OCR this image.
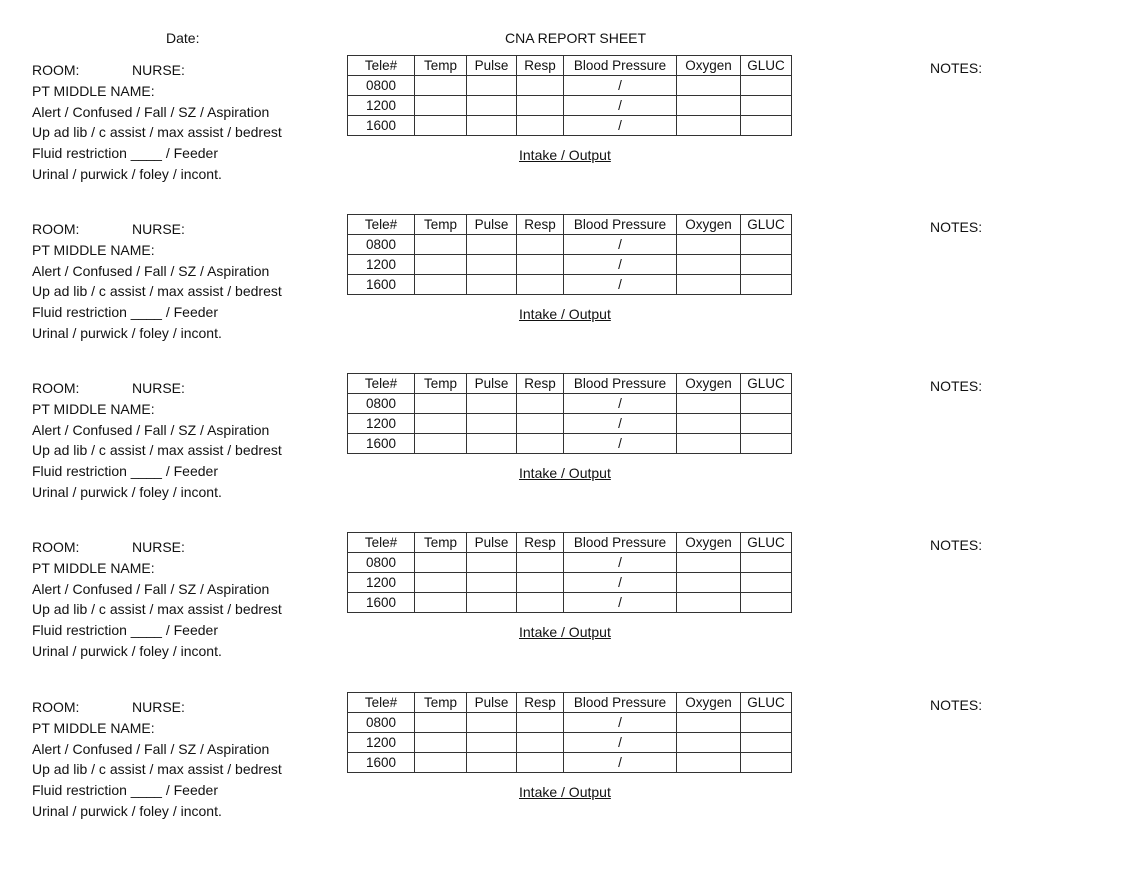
Date:	CNA REPORT SHEET
ROOM:	NURSE:
PT MIDDLE NAME:
Alert / Confused / Fall / SZ / Aspiration
Up ad lib / c assist / max assist / bedrest
Fluid restriction ____ / Feeder
Urinal / purwick / foley / incont.
Tele#	Temp	Pulse	Resp	Blood Pressure	Oxygen	GLUC
0800				/		
1200				/		
1600				/		
Intake / Output
NOTES:
ROOM:	NURSE:
PT MIDDLE NAME:
Alert / Confused / Fall / SZ / Aspiration
Up ad lib / c assist / max assist / bedrest
Fluid restriction ____ / Feeder
Urinal / purwick / foley / incont.
Tele#	Temp	Pulse	Resp	Blood Pressure	Oxygen	GLUC
0800				/		
1200				/		
1600				/		
Intake / Output
NOTES:
ROOM:	NURSE:
PT MIDDLE NAME:
Alert / Confused / Fall / SZ / Aspiration
Up ad lib / c assist / max assist / bedrest
Fluid restriction ____ / Feeder
Urinal / purwick / foley / incont.
Tele#	Temp	Pulse	Resp	Blood Pressure	Oxygen	GLUC
0800				/		
1200				/		
1600				/		
Intake / Output
NOTES:
ROOM:	NURSE:
PT MIDDLE NAME:
Alert / Confused / Fall / SZ / Aspiration
Up ad lib / c assist / max assist / bedrest
Fluid restriction ____ / Feeder
Urinal / purwick / foley / incont.
Tele#	Temp	Pulse	Resp	Blood Pressure	Oxygen	GLUC
0800				/		
1200				/		
1600				/		
Intake / Output
NOTES:
ROOM:	NURSE:
PT MIDDLE NAME:
Alert / Confused / Fall / SZ / Aspiration
Up ad lib / c assist / max assist / bedrest
Fluid restriction ____ / Feeder
Urinal / purwick / foley / incont.
Tele#	Temp	Pulse	Resp	Blood Pressure	Oxygen	GLUC
0800				/		
1200				/		
1600				/		
Intake / Output
NOTES:
